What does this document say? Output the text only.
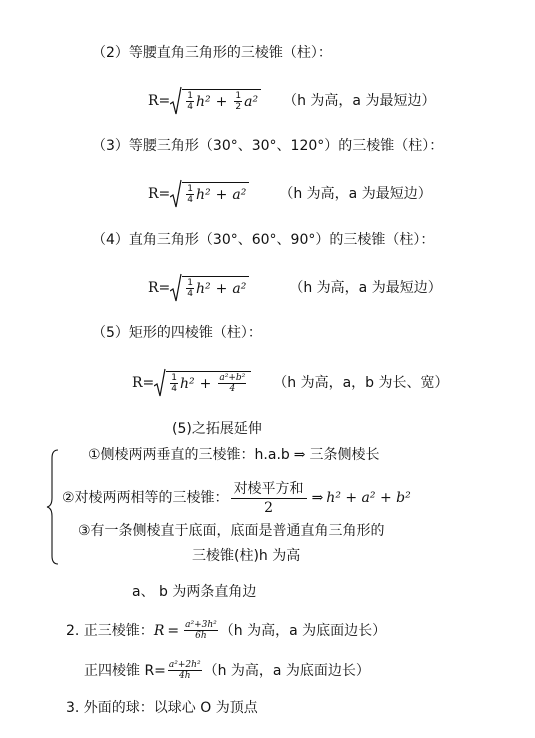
（2）等腰直角三角形的三棱锥（柱）：
$R= \frac{1}{4} h^2 + \frac{1}{2} a^2$ （h 为高，a 为最短边）
（3）等腰三角形（30°、30°、120°）的三棱锥（柱）：
$R= \frac{1}{4} h^2 + a^2$ （h 为高，a 为最短边）
（4）直角三角形（30°、60°、90°）的三棱锥（柱）：
$R= \frac{1}{4} h^2 + a^2$	（h 为高，a 为最短边）
（5）矩形的四棱锥（柱）：
$R= \frac{1}{4} h^2 + \frac{\text{a²+b²}}{4} (h$ 为高，a，b 为长、宽）
(5)之拓展延伸
①侧棱两两垂直的三棱锥：h.a.b ⇒ 三条侧棱长
②对棱两两相等的三棱锥：
对棱平方和
2
⇒ h² + a² + b²
③有一条侧棱直于底面，底面是普通直角三角形的
三棱锥(柱)h 为高
a、 b 为两条直角边
2. 正三棱锥： $R = \frac{\text{a²+3h²}}{6h} (h$ 为高，a 为底面边长）
正四棱锥 $R= \frac{\text{a²+2h²}}{4h} (h$ 为高，a 为底面边长）
3. 外面的球：以球心 O 为顶点
